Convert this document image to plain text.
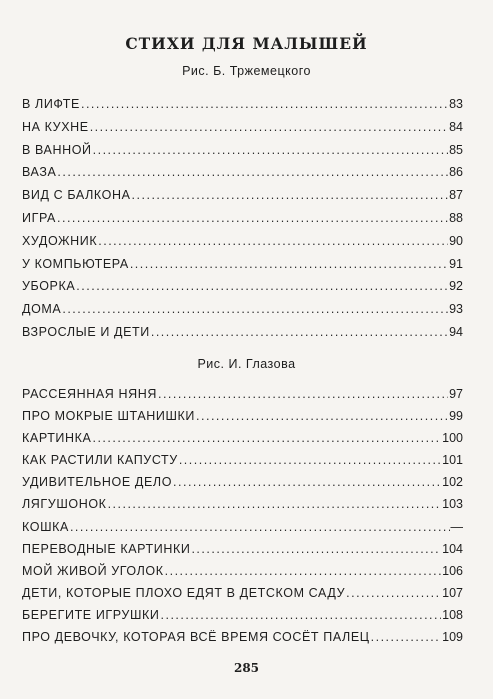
СТИХИ ДЛЯ МАЛЫШЕЙ
Рис. Б. Тржемецкого
В ЛИФТЕ .....	83
НА КУХНЕ .....	84
В ВАННОЙ .....	85
ВАЗА .....	86
ВИД С БАЛКОНА .....	87
ИГРА .....	88
ХУДОЖНИК .....	90
У КОМПЬЮТЕРА .....	91
УБОРКА .....	92
ДОМА .....	93
ВЗРОСЛЫЕ И ДЕТИ .....	94
Рис. И. Глазова
РАССЕЯННАЯ НЯНЯ .....	97
ПРО МОКРЫЕ ШТАНИШКИ .....	99
КАРТИНКА .....	100
КАК РАСТИЛИ КАПУСТУ .....	101
УДИВИТЕЛЬНОЕ ДЕЛО .....	102
ЛЯГУШОНОК .....	103
КОШКА .....	—
ПЕРЕВОДНЫЕ КАРТИНКИ .....	104
МОЙ ЖИВОЙ УГОЛОК .....	106
ДЕТИ, КОТОРЫЕ ПЛОХО ЕДЯТ В ДЕТСКОМ САДУ .....	107
БЕРЕГИТЕ ИГРУШКИ .....	108
ПРО ДЕВОЧКУ, КОТОРАЯ ВСЁ ВРЕМЯ СОСЁТ ПАЛЕЦ .....	109
285
